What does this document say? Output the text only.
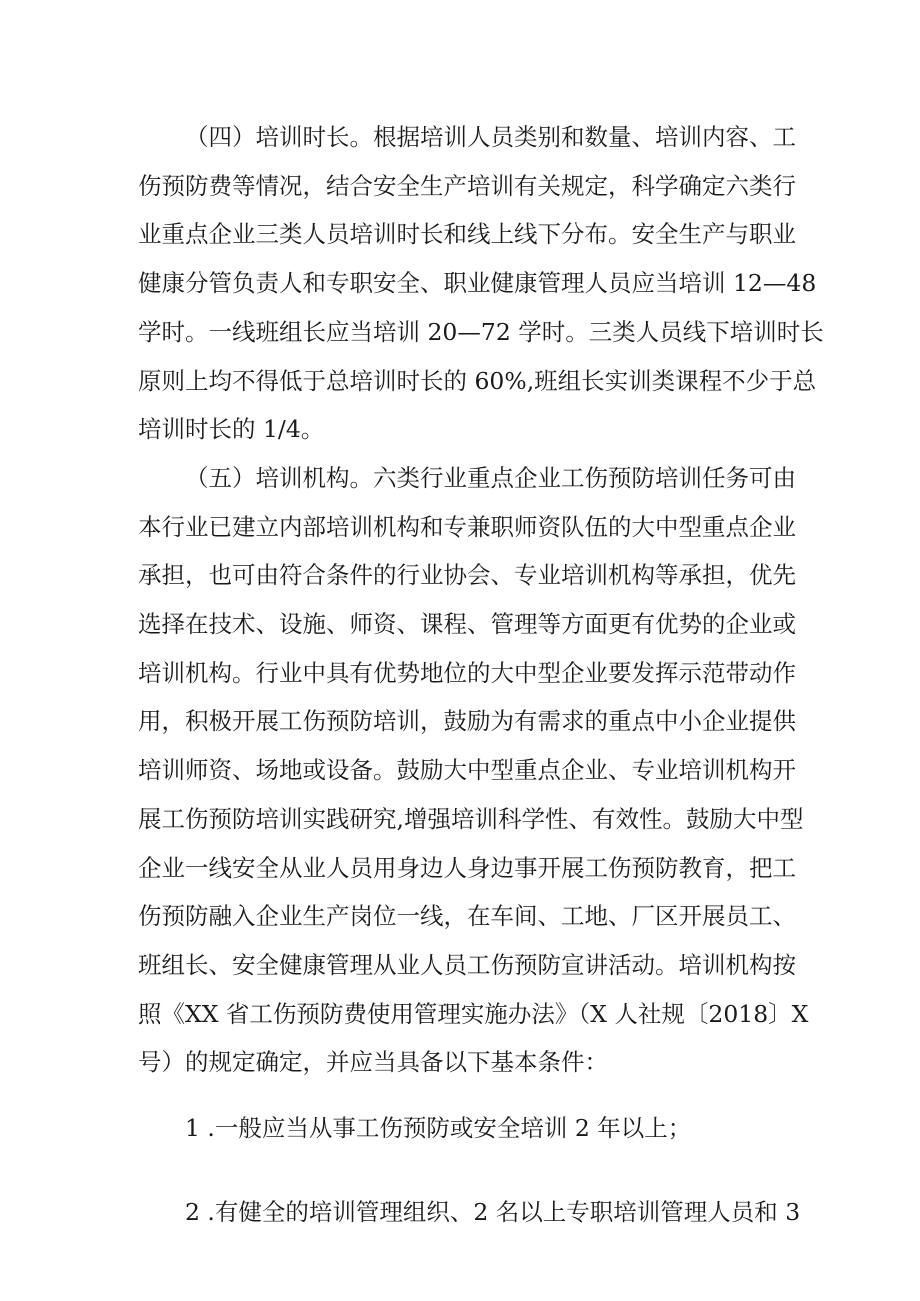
（四）培训时长。根据培训人员类别和数量、培训内容、工
伤预防费等情况，结合安全生产培训有关规定，科学确定六类行
业重点企业三类人员培训时长和线上线下分布。安全生产与职业
健康分管负责人和专职安全、职业健康管理人员应当培训 12—48
学时。一线班组长应当培训 20—72 学时。三类人员线下培训时长
原则上均不得低于总培训时长的 60%,班组长实训类课程不少于总
培训时长的 1/4。
（五）培训机构。六类行业重点企业工伤预防培训任务可由
本行业已建立内部培训机构和专兼职师资队伍的大中型重点企业
承担，也可由符合条件的行业协会、专业培训机构等承担，优先
选择在技术、设施、师资、课程、管理等方面更有优势的企业或
培训机构。行业中具有优势地位的大中型企业要发挥示范带动作
用，积极开展工伤预防培训，鼓励为有需求的重点中小企业提供
培训师资、场地或设备。鼓励大中型重点企业、专业培训机构开
展工伤预防培训实践研究,增强培训科学性、有效性。鼓励大中型
企业一线安全从业人员用身边人身边事开展工伤预防教育，把工
伤预防融入企业生产岗位一线，在车间、工地、厂区开展员工、
班组长、安全健康管理从业人员工伤预防宣讲活动。培训机构按
照《XX 省工伤预防费使用管理实施办法》（X 人社规〔2018〕X
号）的规定确定，并应当具备以下基本条件：

1 .一般应当从事工伤预防或安全培训 2 年以上；

2 .有健全的培训管理组织、2 名以上专职培训管理人员和 3
